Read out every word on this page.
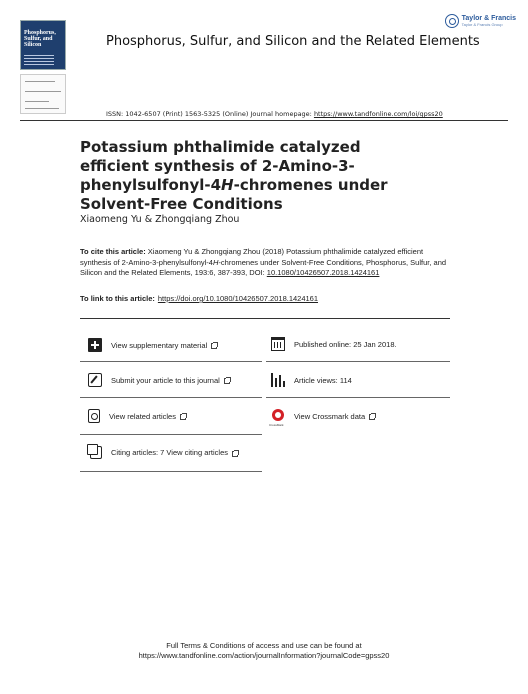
Phosphorus,
Sulfur, and
Silicon	Phosphorus, Sulfur, and Silicon and the Related Elements
Taylor & Francis
Taylor & Francis Group
ISSN: 1042-6507 (Print) 1563-5325 (Online) Journal homepage: https://www.tandfonline.com/loi/gpss20
Potassium phthalimide catalyzed efficient synthesis of 2-Amino-3-phenylsulfonyl-4H-chromenes under Solvent-Free Conditions
Xiaomeng Yu & Zhongqiang Zhou
To cite this article: Xiaomeng Yu & Zhongqiang Zhou (2018) Potassium phthalimide catalyzed efficient synthesis of 2-Amino-3-phenylsulfonyl-4H-chromenes under Solvent-Free Conditions, Phosphorus, Sulfur, and Silicon and the Related Elements, 193:6, 387-393, DOI: 10.1080/10426507.2018.1424161
To link to this article: https://doi.org/10.1080/10426507.2018.1424161
View supplementary material
Submit your article to this journal
View related articles
Citing articles: 7 View citing articles
Published online: 25 Jan 2018.
Article views: 114
CrossMark
View Crossmark data
Full Terms & Conditions of access and use can be found at
https://www.tandfonline.com/action/journalInformation?journalCode=gpss20
